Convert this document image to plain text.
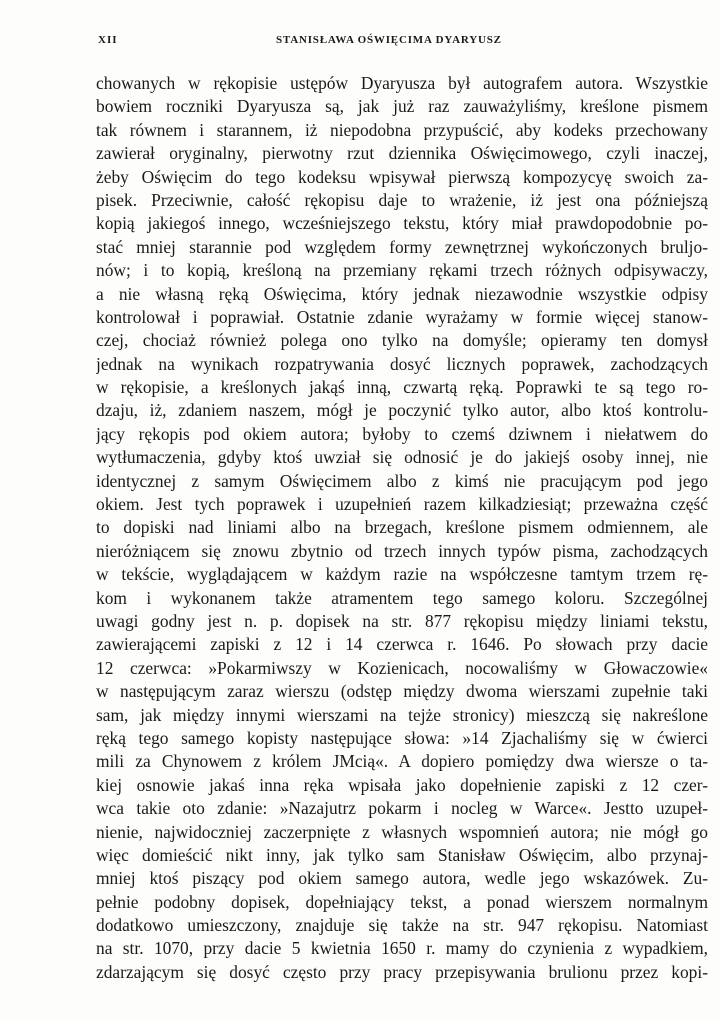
XII	STANISŁAWA OŚWIĘCIMA DYARYUSZ
chowanych w rękopisie ustępów Dyaryusza był autografem autora. Wszystkie
bowiem roczniki Dyaryusza są, jak już raz zauważyliśmy, kreślone pismem
tak równem i starannem, iż niepodobna przypuścić, aby kodeks przechowany
zawierał oryginalny, pierwotny rzut dziennika Oświęcimowego, czyli inaczej,
żeby Oświęcim do tego kodeksu wpisywał pierwszą kompozycyę swoich za-
pisek. Przeciwnie, całość rękopisu daje to wrażenie, iż jest ona późniejszą
kopią jakiegoś innego, wcześniejszego tekstu, który miał prawdopodobnie po-
stać mniej starannie pod względem formy zewnętrznej wykończonych bruljo-
nów; i to kopią, kreśloną na przemiany rękami trzech różnych odpisywaczy,
a nie własną ręką Oświęcima, który jednak niezawodnie wszystkie odpisy
kontrolował i poprawiał. Ostatnie zdanie wyrażamy w formie więcej stanow-
czej, chociaż również polega ono tylko na domyśle; opieramy ten domysł
jednak na wynikach rozpatrywania dosyć licznych poprawek, zachodzących
w rękopisie, a kreślonych jakąś inną, czwartą ręką. Poprawki te są tego ro-
dzaju, iż, zdaniem naszem, mógł je poczynić tylko autor, albo ktoś kontrolu-
jący rękopis pod okiem autora; byłoby to czemś dziwnem i niełatwem do
wytłumaczenia, gdyby ktoś uwział się odnosić je do jakiejś osoby innej, nie
identycznej z samym Oświęcimem albo z kimś nie pracującym pod jego
okiem. Jest tych poprawek i uzupełnień razem kilkadziesiąt; przeważna część
to dopiski nad liniami albo na brzegach, kreślone pismem odmiennem, ale
nieróżniącem się znowu zbytnio od trzech innych typów pisma, zachodzących
w tekście, wyglądającem w każdym razie na współczesne tamtym trzem rę-
kom i wykonanem także atramentem tego samego koloru. Szczególnej
uwagi godny jest n. p. dopisek na str. 877 rękopisu między liniami tekstu,
zawierającemi zapiski z 12 i 14 czerwca r. 1646. Po słowach przy dacie
12 czerwca: »Pokarmiwszy w Kozienicach, nocowaliśmy w Głowaczowie«
w następującym zaraz wierszu (odstęp między dwoma wierszami zupełnie taki
sam, jak między innymi wierszami na tejże stronicy) mieszczą się nakreślone
ręką tego samego kopisty następujące słowa: »14 Zjachaliśmy się w ćwierci
mili za Chynowem z królem JMcią«. A dopiero pomiędzy dwa wiersze o ta-
kiej osnowie jakaś inna ręka wpisała jako dopełnienie zapiski z 12 czer-
wca takie oto zdanie: »Nazajutrz pokarm i nocleg w Warce«. Jestto uzupeł-
nienie, najwidoczniej zaczerpnięte z własnych wspomnień autora; nie mógł go
więc domieścić nikt inny, jak tylko sam Stanisław Oświęcim, albo przynaj-
mniej ktoś piszący pod okiem samego autora, wedle jego wskazówek. Zu-
pełnie podobny dopisek, dopełniający tekst, a ponad wierszem normalnym
dodatkowo umieszczony, znajduje się także na str. 947 rękopisu. Natomiast
na str. 1070, przy dacie 5 kwietnia 1650 r. mamy do czynienia z wypadkiem,
zdarzającym się dosyć często przy pracy przepisywania brulionu przez kopi-
